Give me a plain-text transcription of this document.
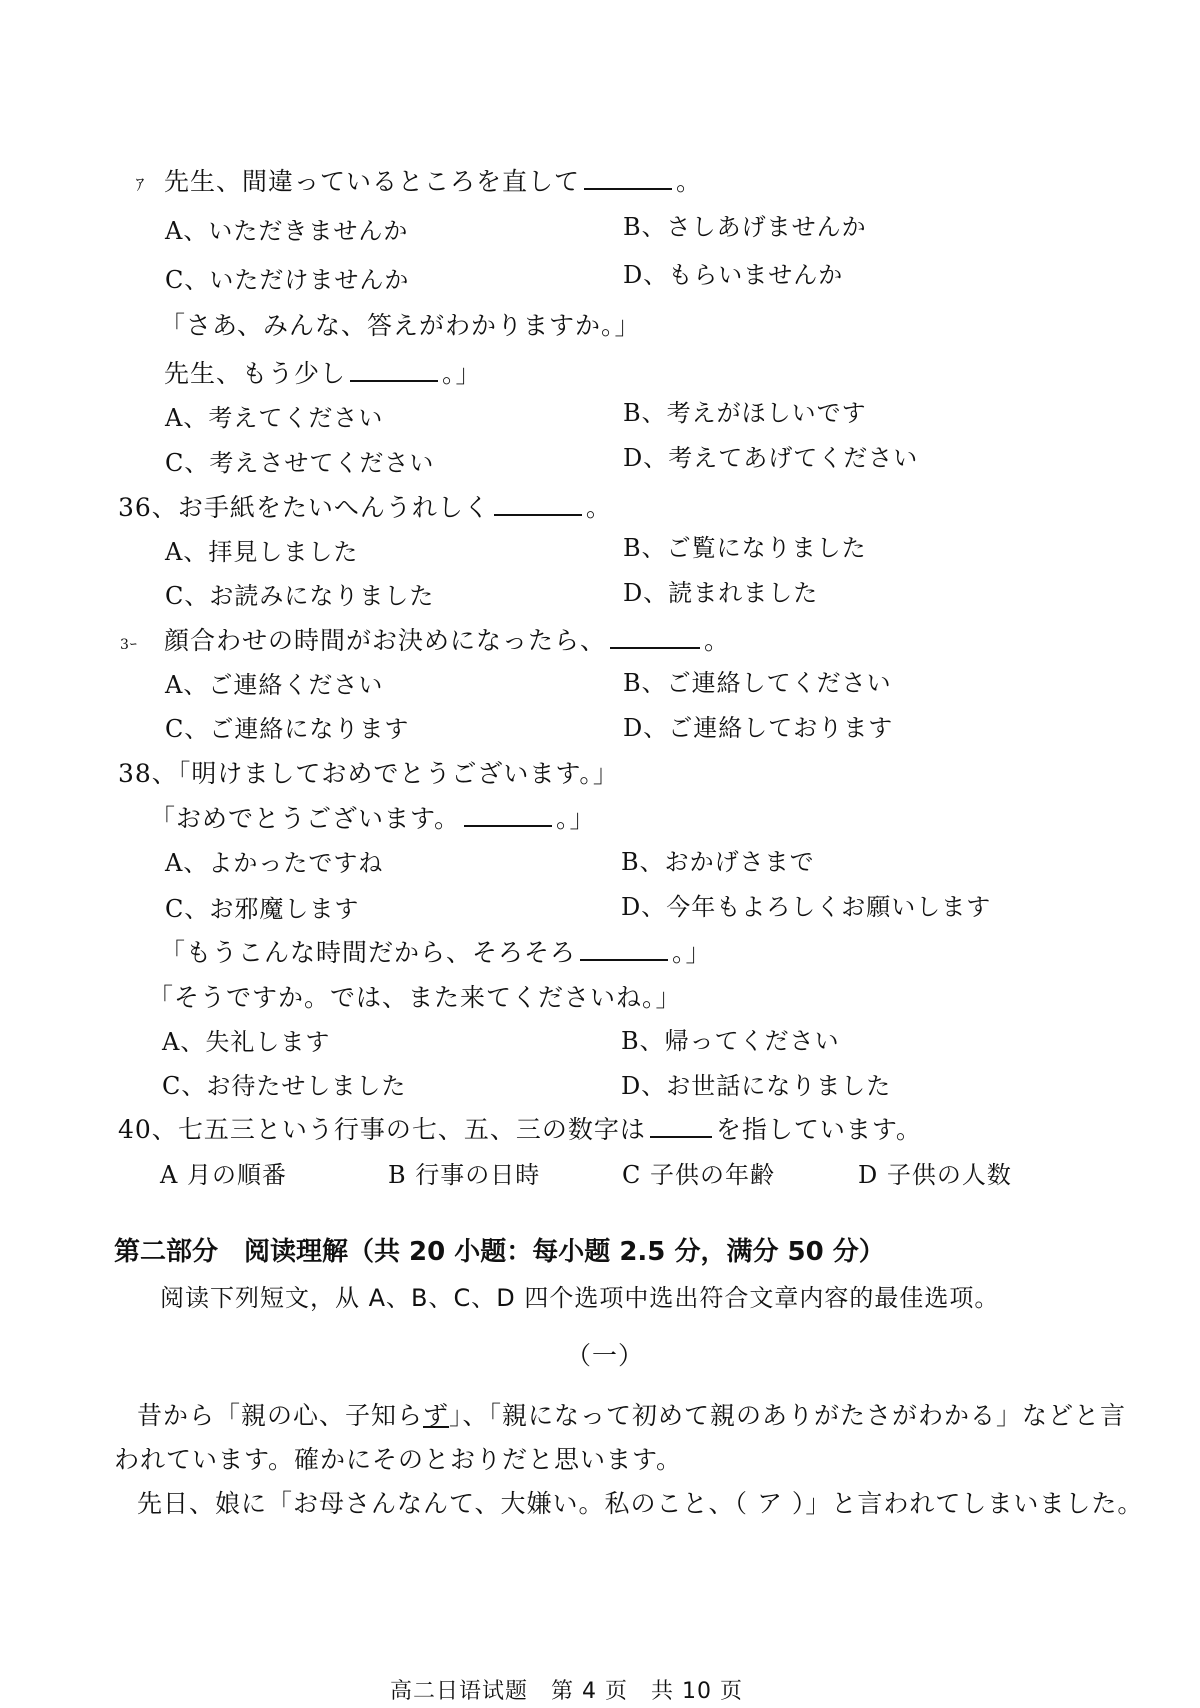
ｱ 先生、間違っているところを直して	。
A、いただきませんか	B、さしあげませんか
C、いただけませんか	D、もらいませんか
「さあ、みんな、答えがわかりますか。」
先生、もう少し	。」
A、考えてください	B、考えがほしいです
C、考えさせてください	D、考えてあげてください
36、お手紙をたいへんうれしく	。
A、拝見しました	B、ご覧になりました
C、お読みになりました	D、読まれました
3ｰ 顔合わせの時間がお決めになったら、	。
A、ご連絡ください	B、ご連絡してください
C、ご連絡になります	D、ご連絡しております
38、「明けましておめでとうございます。」
「おめでとうございます。	。」
A、よかったですね	B、おかげさまで
C、お邪魔します	D、今年もよろしくお願いします
「もうこんな時間だから、そろそろ	。」
「そうですか。では、また来てくださいね。」
A、失礼します	B、帰ってください
C、お待たせしました	D、お世話になりました
40、七五三という行事の七、五、三の数字は	を指しています。
A 月の順番	B 行事の日時	C 子供の年齢	D 子供の人数
第二部分　阅读理解（共 20 小题：每小题 2.5 分，满分 50 分）
阅读下列短文，从 A、B、C、D 四个选项中选出符合文章内容的最佳选项。
（一）
昔から「親の心、子知らず」、「親になって初めて親のありがたさがわかる」などと言
われています。確かにそのとおりだと思います。
先日、娘に「お母さんなんて、大嫌い。私のこと、（ ア ）」と言われてしまいました。
高二日语试题　第 4 页　共 10 页
